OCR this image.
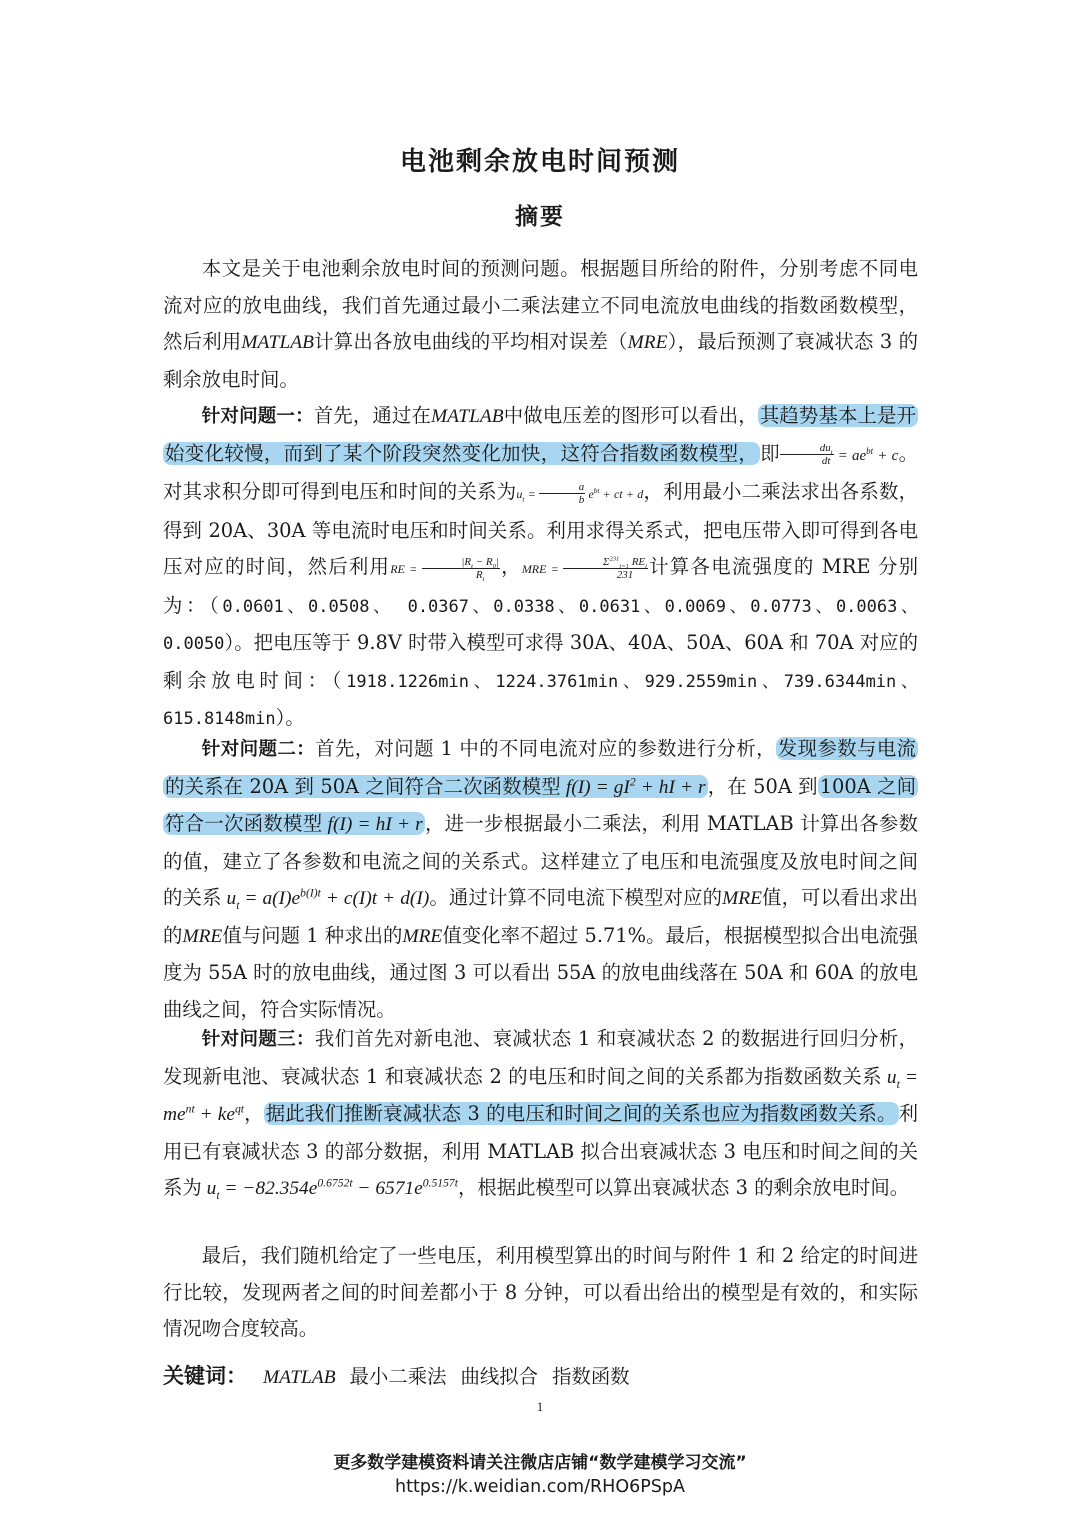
电池剩余放电时间预测
摘要

本文是关于电池剩余放电时间的预测问题。根据题目所给的附件，分别考虑不同电流对应的放电曲线，我们首先通过最小二乘法建立不同电流放电曲线的指数函数模型，然后利用MATLAB计算出各放电曲线的平均相对误差（MRE），最后预测了衰减状态 3 的剩余放电时间。

针对问题一：首先，通过在MATLAB中做电压差的图形可以看出， 其趋势基本上是开始变化较慢，而到了某个阶段突然变化加快，这符合指数函数模型， 即 $\frac{du_t}{dt} = ae^{bt} + c$。对其求积分即可得到电压和时间的关系为$u_t = \frac{a}{b} e^{bt}$ + ct + d，利用最小二乘法求出各系数，得到 20A、30A 等电流时电压和时间关系。利用求得关系式，把电压带入即可得到各电压对应的时间，然后利用RE = $\frac{|R_t - R_0|}{R_t}$ ，MRE = $\frac{\Sigma^{231}_{i=1} RE_i}{231}$ 计算各电流强度的 MRE 分别为：（0.0601、0.0508、 0.0367、0.0338、0.0631、0.0069、0.0773、0.0063、0.0050）。把电压等于 9.8V 时带入模型可求得 30A、40A、50A、60A 和 70A 对应的剩余放电时间：（1918.1226min、1224.3761min、929.2559min、739.6344min、615.8148min）。

针对问题二：首先，对问题 1 中的不同电流对应的参数进行分析， 发现参数与电流的关系在 20A 到 50A 之间符合二次函数模型 $f(I) = gI^2$ + hI + r ，在 50A 到 100A 之间符合一次函数模型 f(I) = hI + r ，进一步根据最小二乘法，利用 MATLAB 计算出各参数的值，建立了各参数和电流之间的关系式。这样建立了电压和电流强度及放电时间之间的关系 $u_t = a(I)e^{b(I)t} + c(I)t + d(I)$。通过计算不同电流下模型对应的MRE值，可以看出求出的MRE值与问题 1 种求出的MRE值变化率不超过 5.71%。最后，根据模型拟合出电流强度为 55A 时的放电曲线，通过图 3 可以看出 55A 的放电曲线落在 50A 和 60A 的放电曲线之间，符合实际情况。

针对问题三：我们首先对新电池、衰减状态 1 和衰减状态 2 的数据进行回归分析，发现新电池、衰减状态 1 和衰减状态 2 的电压和时间之间的关系都为指数函数关系 $u_t = me^{nt} + ke^{qt}$， 据此我们推断衰减状态 3 的电压和时间之间的关系也应为指数函数关系。 利用已有衰减状态 3 的部分数据，利用 MATLAB 拟合出衰减状态 3 电压和时间之间的关系为 $u_t = -82.354e^{0.6752t} - 6571e^{0.5157t}$，根据此模型可以算出衰减状态 3 的剩余放电时间。

最后，我们随机给定了一些电压，利用模型算出的时间与附件 1 和 2 给定的时间进行比较，发现两者之间的时间差都小于 8 分钟，可以看出给出的模型是有效的，和实际情况吻合度较高。

关键词： MATLAB 最小二乘法 曲线拟合 指数函数
1
更多数学建模资料请关注微店店铺“数学建模学习交流”
https://k.weidian.com/RHO6PSpA
